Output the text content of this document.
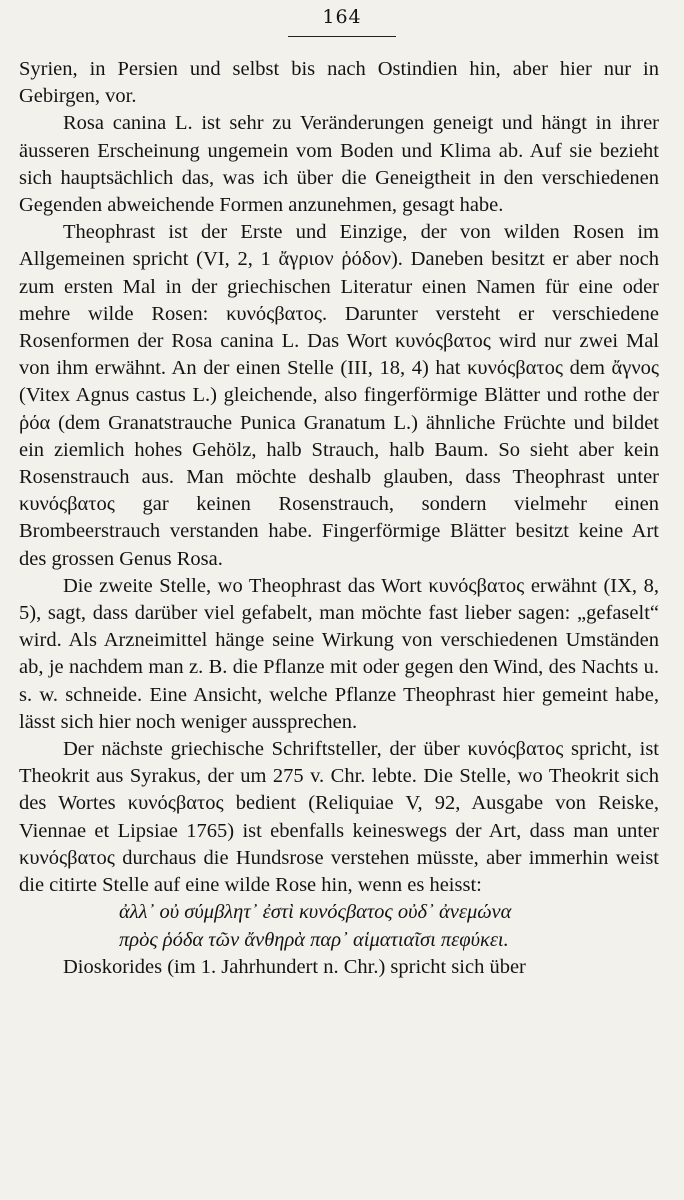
164

Syrien, in Persien und selbst bis nach Ostindien hin, aber hier nur in Gebirgen, vor.

Rosa canina L. ist sehr zu Veränderungen geneigt und hängt in ihrer äusseren Erscheinung ungemein vom Boden und Klima ab. Auf sie bezieht sich hauptsächlich das, was ich über die Geneigtheit in den verschiedenen Gegenden abweichende Formen anzunehmen, gesagt habe.

Theophrast ist der Erste und Einzige, der von wilden Rosen im Allgemeinen spricht (VI, 2, 1 ἄγριον ῥόδον). Daneben besitzt er aber noch zum ersten Mal in der griechischen Literatur einen Namen für eine oder mehre wilde Rosen: κυνόςβατος. Darunter versteht er verschiedene Rosenformen der Rosa canina L. Das Wort κυνόςβατος wird nur zwei Mal von ihm erwähnt. An der einen Stelle (III, 18, 4) hat κυνόςβατος dem ἄγνος (Vitex Agnus castus L.) gleichende, also fingerförmige Blätter und rothe der ῥόα (dem Granatstrauche Punica Granatum L.) ähnliche Früchte und bildet ein ziemlich hohes Gehölz, halb Strauch, halb Baum. So sieht aber kein Rosenstrauch aus. Man möchte deshalb glauben, dass Theophrast unter κυνόςβατος gar keinen Rosenstrauch, sondern vielmehr einen Brombeerstrauch verstanden habe. Fingerförmige Blätter besitzt keine Art des grossen Genus Rosa.

Die zweite Stelle, wo Theophrast das Wort κυνόςβατος erwähnt (IX, 8, 5), sagt, dass darüber viel gefabelt, man möchte fast lieber sagen: „gefaselt“ wird. Als Arzneimittel hänge seine Wirkung von verschiedenen Umständen ab, je nachdem man z. B. die Pflanze mit oder gegen den Wind, des Nachts u. s. w. schneide. Eine Ansicht, welche Pflanze Theophrast hier gemeint habe, lässt sich hier noch weniger aussprechen.

Der nächste griechische Schriftsteller, der über κυνόςβατος spricht, ist Theokrit aus Syrakus, der um 275 v. Chr. lebte. Die Stelle, wo Theokrit sich des Wortes κυνόςβατος bedient (Reliquiae V, 92, Ausgabe von Reiske, Viennae et Lipsiae 1765) ist ebenfalls keineswegs der Art, dass man unter κυνόςβατος durchaus die Hundsrose verstehen müsste, aber immerhin weist die citirte Stelle auf eine wilde Rose hin, wenn es heisst:

ἀλλ᾽ οὐ σύμβλητ᾽ ἐστὶ κυνόςβατος οὐδ᾽ ἀνεμώνα

πρὸς ῥόδα τῶν ἄνθηρὰ παρ᾽ αἱματιαῖσι πεφύκει.

Dioskorides (im 1. Jahrhundert n. Chr.) spricht sich über
